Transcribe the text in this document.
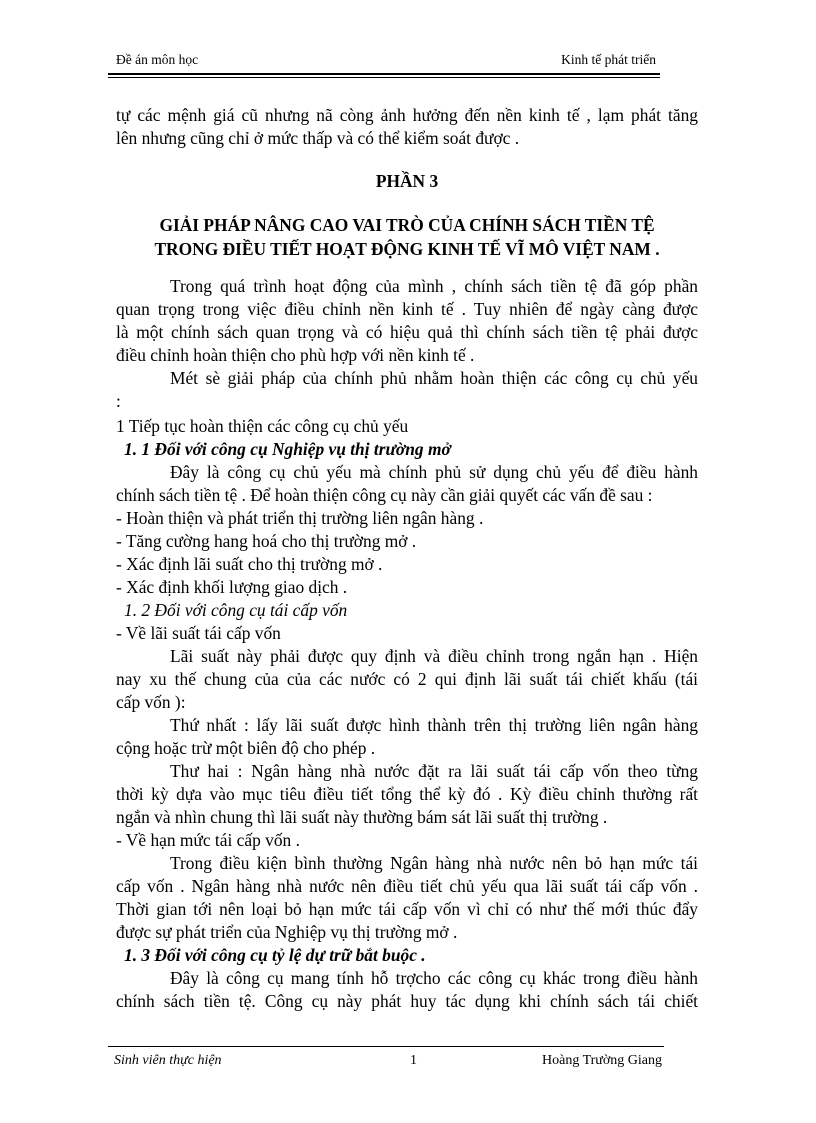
Đề án môn học	Kinh tế phát triển
tự các mệnh giá cũ nhưng nã còng ảnh hưởng đến nền kinh tế , lạm phát tăng
lên nhưng cũng chỉ ở mức thấp và có thể kiểm soát được .
PHẦN 3
GIẢI PHÁP NÂNG CAO VAI TRÒ CỦA CHÍNH SÁCH TIỀN TỆ
TRONG ĐIỀU TIẾT HOẠT ĐỘNG KINH TẾ VĨ MÔ VIỆT NAM .
Trong quá trình hoạt động của mình , chính sách tiền tệ đã góp phần
quan trọng trong việc điều chỉnh nền kinh tế . Tuy nhiên để ngày càng được
là một chính sách quan trọng và có hiệu quả thì chính sách tiền tệ phải được
điều chỉnh hoàn thiện cho phù hợp với nền kinh tế .
Mét sè giải pháp của chính phủ nhằm hoàn thiện các công cụ chủ yếu
:
1 Tiếp tục hoàn thiện các công cụ chủ yếu
1. 1 Đối với công cụ Nghiệp vụ thị trường mở
Đây là công cụ chủ yếu mà chính phủ sử dụng chủ yếu để điều hành
chính sách tiền tệ . Để hoàn thiện công cụ này cần giải quyết các vấn đề sau :
- Hoàn thiện và phát triển thị trường liên ngân hàng .
- Tăng cường hang hoá cho thị trường mở .
- Xác định lãi suất cho thị trường mở .
- Xác định khối lượng giao dịch .
1. 2 Đối với công cụ tái cấp vốn
- Về lãi suất tái cấp vốn
Lãi suất này phải được quy định và điều chỉnh trong ngắn hạn . Hiện
nay xu thế chung của của các nước có 2 qui định lãi suất tái chiết khấu (tái
cấp vốn ):
Thứ nhất : lấy lãi suất được hình thành trên thị trường liên ngân hàng
cộng hoặc trừ một biên độ cho phép .
Thư hai : Ngân hàng nhà nước đặt ra lãi suất tái cấp vốn theo từng
thời kỳ dựa vào mục tiêu điều tiết tổng thể kỳ đó . Kỳ điều chỉnh thường rất
ngắn và nhìn chung thì lãi suất này thường bám sát lãi suất thị trường .
- Về hạn mức tái cấp vốn .
Trong điều kiện bình thường Ngân hàng nhà nước nên bỏ hạn mức tái
cấp vốn . Ngân hàng nhà nước nên điều tiết chủ yếu qua lãi suất tái cấp vốn .
Thời gian tới nên loại bỏ hạn mức tái cấp vốn vì chỉ có như thế mới thúc đẩy
được sự phát triển của Nghiệp vụ thị trường mở .
1. 3 Đối với công cụ tỷ lệ dự trữ bắt buộc .
Đây là công cụ mang tính hỗ trợcho các công cụ khác trong điều hành
chính sách tiền tệ. Công cụ này phát huy tác dụng khi chính sách tái chiết
Sinh viên thực hiện	1	Hoàng Trường Giang
